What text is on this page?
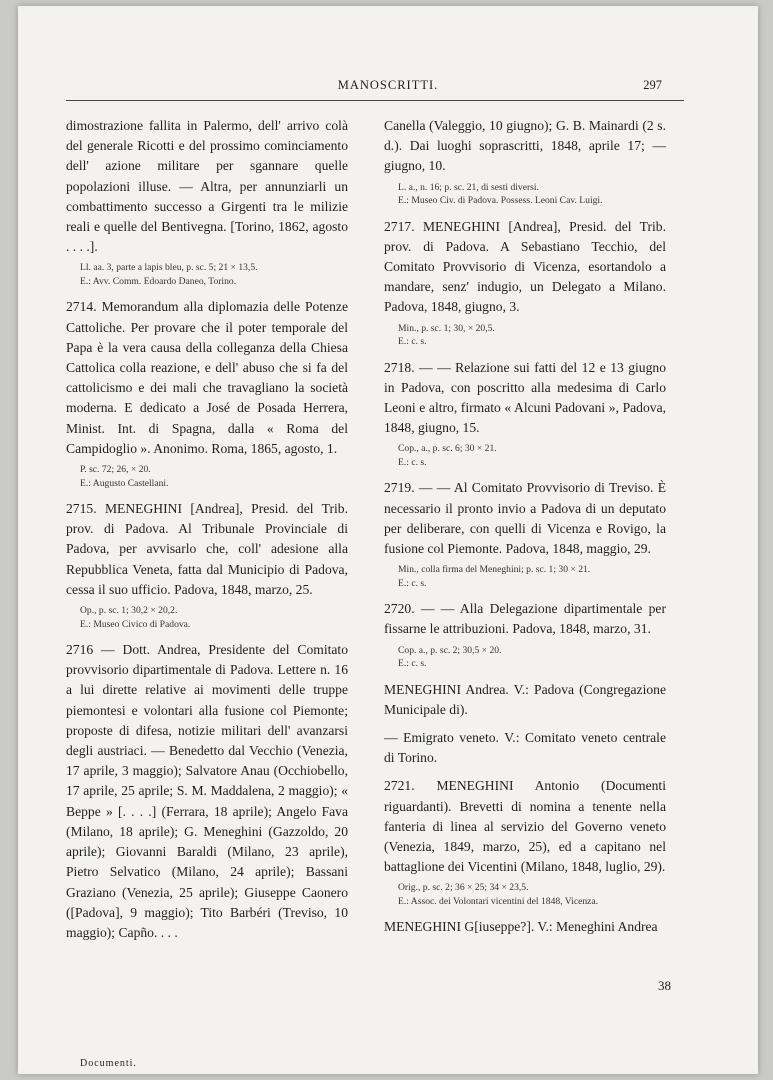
MANOSCRITTI.	297

dimostrazione fallita in Palermo, dell' arrivo colà del generale Ricotti e del prossimo cominciamento dell' azione militare per sgannare quelle popolazioni illuse. — Altra, per annunziarli un combattimento successo a Girgenti tra le milizie reali e quelle del Bentivegna. [Torino, 1862, agosto . . . .].

Ll. aa. 3, parte a lapis bleu, p. sc. 5; 21 × 13,5.
E.: Avv. Comm. Edoardo Daneo, Torino.

2714. Memorandum alla diplomazia delle Potenze Cattoliche. Per provare che il poter temporale del Papa è la vera causa della colleganza della Chiesa Cattolica colla reazione, e dell' abuso che si fa del cattolicismo e dei mali che travagliano la società moderna. E dedicato a José de Posada Herrera, Minist. Int. di Spagna, dalla « Roma del Campidoglio ». Anonimo. Roma, 1865, agosto, 1.

P. sc. 72; 26, × 20.
E.: Augusto Castellani.

2715. MENEGHINI [Andrea], Presid. del Trib. prov. di Padova. Al Tribunale Provinciale di Padova, per avvisarlo che, coll' adesione alla Repubblica Veneta, fatta dal Municipio di Padova, cessa il suo ufficio. Padova, 1848, marzo, 25.

Op., p. sc. 1; 30,2 × 20,2.
E.: Museo Civico di Padova.

2716 — Dott. Andrea, Presidente del Comitato provvisorio dipartimentale di Padova. Lettere n. 16 a lui dirette relative ai movimenti delle truppe piemontesi e volontari alla fusione col Piemonte; proposte di difesa, notizie militari dell' avanzarsi degli austriaci. — Benedetto dal Vecchio (Venezia, 17 aprile, 3 maggio); Salvatore Anau (Occhiobello, 17 aprile, 25 aprile; S. M. Maddalena, 2 maggio); « Beppe » [. . . .] (Ferrara, 18 aprile); Angelo Fava (Milano, 18 aprile); G. Meneghini (Gazzoldo, 20 aprile); Giovanni Baraldi (Milano, 23 aprile), Pietro Selvatico (Milano, 24 aprile); Bassani Graziano (Venezia, 25 aprile); Giuseppe Caonero ([Padova], 9 maggio); Tito Barbéri (Treviso, 10 maggio); Capño. . . .

Canella (Valeggio, 10 giugno); G. B. Mainardi (2 s. d.). Dai luoghi soprascritti, 1848, aprile 17; — giugno, 10.

L. a., n. 16; p. sc. 21, di sesti diversi.
E.: Museo Civ. di Padova. Possess. Leoni Cav. Luigi.

2717. MENEGHINI [Andrea], Presid. del Trib. prov. di Padova. A Sebastiano Tecchio, del Comitato Provvisorio di Vicenza, esortandolo a mandare, senz' indugio, un Delegato a Milano. Padova, 1848, giugno, 3.

Min., p. sc. 1; 30, × 20,5.
E.: c. s.

2718. — — Relazione sui fatti del 12 e 13 giugno in Padova, con poscritto alla medesima di Carlo Leoni e altro, firmato « Alcuni Padovani », Padova, 1848, giugno, 15.

Cop., a., p. sc. 6; 30 × 21.
E.: c. s.

2719. — — Al Comitato Provvisorio di Treviso. È necessario il pronto invio a Padova di un deputato per deliberare, con quelli di Vicenza e Rovigo, la fusione col Piemonte. Padova, 1848, maggio, 29.

Min., colla firma del Meneghini; p. sc. 1; 30 × 21.
E.: c. s.

2720. — — Alla Delegazione dipartimentale per fissarne le attribuzioni. Padova, 1848, marzo, 31.

Cop. a., p. sc. 2; 30,5 × 20.
E.: c. s.

MENEGHINI Andrea. V.: Padova (Congregazione Municipale di).

— Emigrato veneto. V.: Comitato veneto centrale di Torino.

2721. MENEGHINI Antonio (Documenti riguardanti). Brevetti di nomina a tenente nella fanteria di linea al servizio del Governo veneto (Venezia, 1849, marzo, 25), ed a capitano nel battaglione dei Vicentini (Milano, 1848, luglio, 29).

Orig., p. sc. 2; 36 × 25; 34 × 23,5.
E.: Assoc. dei Volontari vicentini del 1848, Vicenza.

MENEGHINI G[iuseppe?]. V.: Meneghini Andrea

Documenti.
38
